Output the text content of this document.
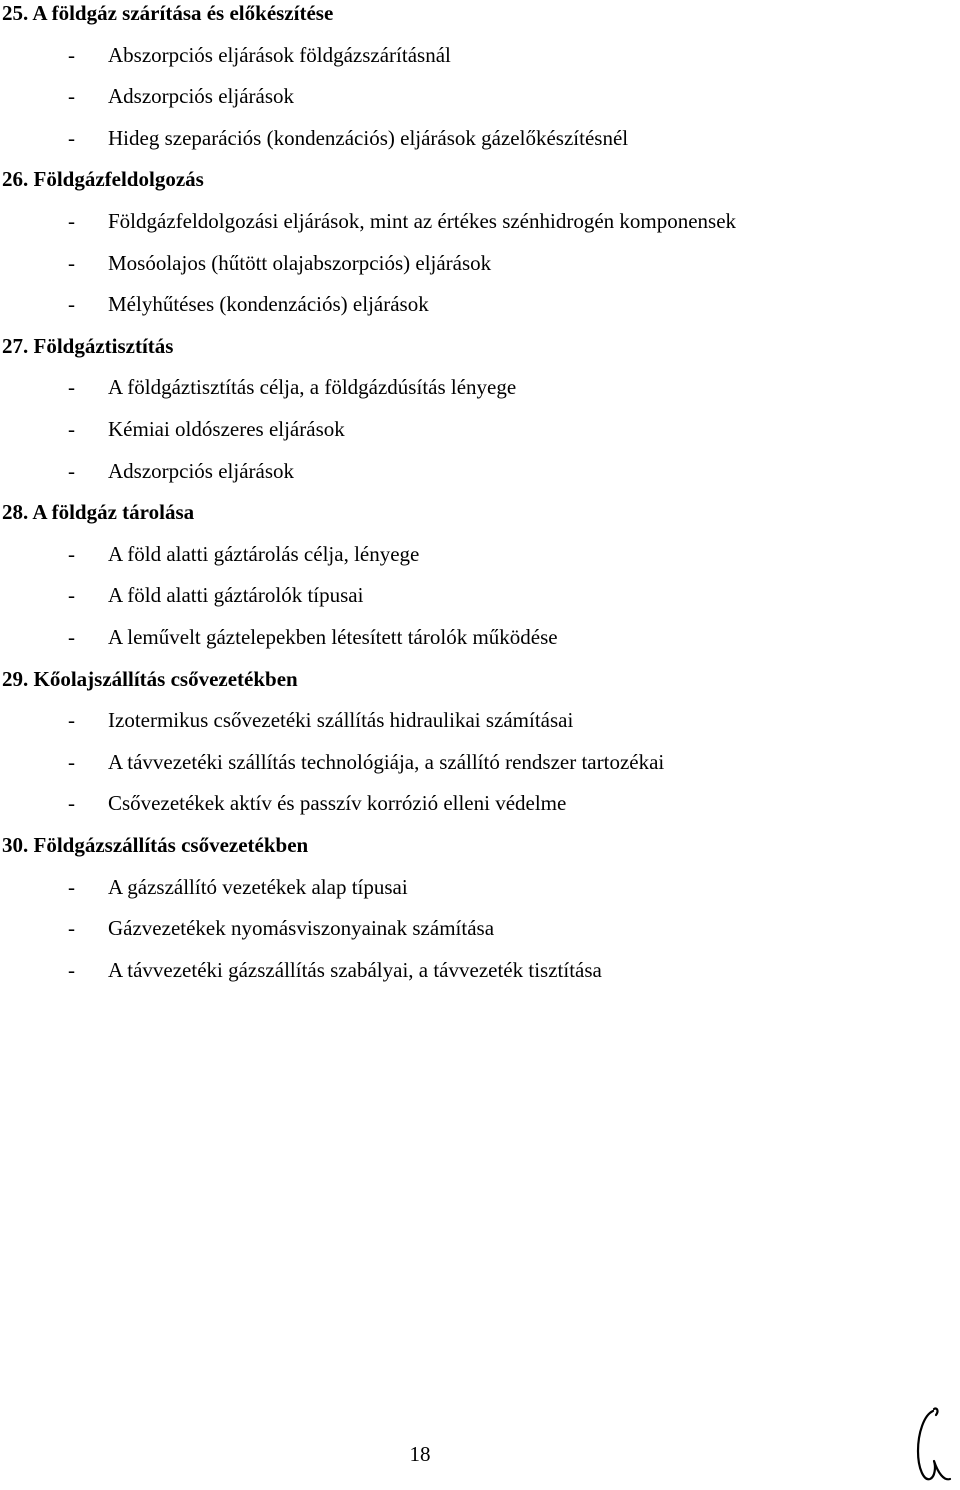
25. A földgáz szárítása és előkészítése
- Abszorpciós eljárások földgázszárításnál
- Adszorpciós eljárások
- Hideg szeparációs (kondenzációs) eljárások gázelőkészítésnél
26. Földgázfeldolgozás
- Földgázfeldolgozási eljárások, mint az értékes szénhidrogén komponensek
- Mosóolajos (hűtött olajabszorpciós) eljárások
- Mélyhűtéses (kondenzációs) eljárások
27. Földgáztisztítás
- A földgáztisztítás célja, a földgázdúsítás lényege
- Kémiai oldószeres eljárások
- Adszorpciós eljárások
28. A földgáz tárolása
- A föld alatti gáztárolás célja, lényege
- A föld alatti gáztárolók típusai
- A leművelt gáztelepekben létesített tárolók működése
29. Kőolajszállítás csővezetékben
- Izotermikus csővezetéki szállítás hidraulikai számításai
- A távvezetéki szállítás technológiája, a szállító rendszer tartozékai
- Csővezetékek aktív és passzív korrózió elleni védelme
30. Földgázszállítás csővezetékben
- A gázszállító vezetékek alap típusai
- Gázvezetékek nyomásviszonyainak számítása
- A távvezetéki gázszállítás szabályai, a távvezeték tisztítása
18
